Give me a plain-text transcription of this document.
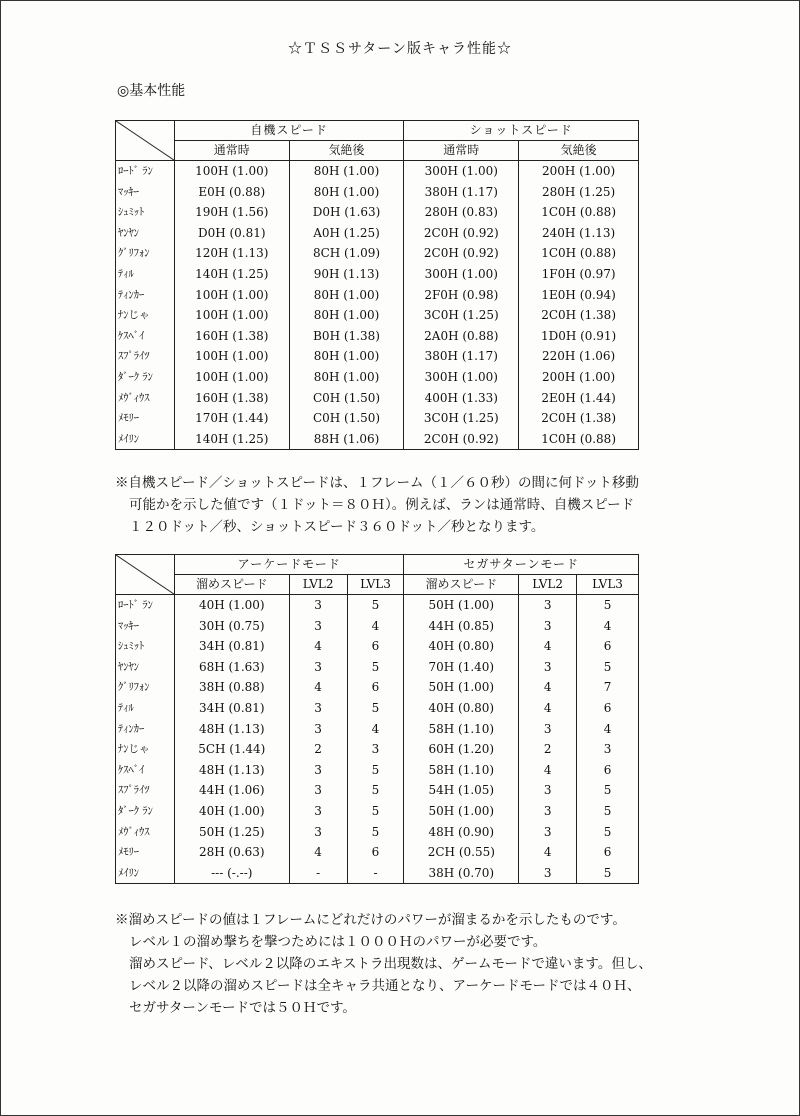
☆ＴＳＳサターン版キャラ性能☆
◎基本性能
	自機スピード		ショットスピード	
	通常時	気絶後	通常時	気絶後
ﾛｰﾄﾞ ﾗﾝ	100H (1.00)	80H (1.00)	300H (1.00)	200H (1.00)
ﾏｯｷｰ	E0H (0.88)	80H (1.00)	380H (1.17)	280H (1.25)
ｼｭﾐｯﾄ	190H (1.56)	D0H (1.63)	280H (0.83)	1C0H (0.88)
ﾔﾝﾔﾝ	D0H (0.81)	A0H (1.25)	2C0H (0.92)	240H (1.13)
ｸﾞﾘﾌｫﾝ	120H (1.13)	8CH (1.09)	2C0H (0.92)	1C0H (0.88)
ﾃｨﾙ	140H (1.25)	90H (1.13)	300H (1.00)	1F0H (0.97)
ﾃｨﾝｶｰ	100H (1.00)	80H (1.00)	2F0H (0.98)	1E0H (0.94)
ﾅﾝじゃ	100H (1.00)	80H (1.00)	3C0H (1.25)	2C0H (1.38)
ｹｽﾍﾞｲ	160H (1.38)	B0H (1.38)	2A0H (0.88)	1D0H (0.91)
ｽﾌﾟﾗｲﾂ	100H (1.00)	80H (1.00)	380H (1.17)	220H (1.06)
ﾀﾞｰｸ ﾗﾝ	100H (1.00)	80H (1.00)	300H (1.00)	200H (1.00)
ﾒｳﾞｨｳｽ	160H (1.38)	C0H (1.50)	400H (1.33)	2E0H (1.44)
ﾒﾓﾘｰ	170H (1.44)	C0H (1.50)	3C0H (1.25)	2C0H (1.38)
ﾒｲﾘﾝ	140H (1.25)	88H (1.06)	2C0H (0.92)	1C0H (0.88)
※自機スピード／ショットスピードは、１フレーム（１／６０秒）の間に何ドット移動
可能かを示した値です（１ドット＝８０Ｈ）。例えば、ランは通常時、自機スピード
１２０ドット／秒、ショットスピード３６０ドット／秒となります。
	アーケードモード			セガサターンモード		
	溜めスピード	LVL2	LVL3	溜めスピード	LVL2	LVL3
ﾛｰﾄﾞ ﾗﾝ	40H (1.00)	3	5	50H (1.00)	3	5
ﾏｯｷｰ	30H (0.75)	3	4	44H (0.85)	3	4
ｼｭﾐｯﾄ	34H (0.81)	4	6	40H (0.80)	4	6
ﾔﾝﾔﾝ	68H (1.63)	3	5	70H (1.40)	3	5
ｸﾞﾘﾌｫﾝ	38H (0.88)	4	6	50H (1.00)	4	7
ﾃｨﾙ	34H (0.81)	3	5	40H (0.80)	4	6
ﾃｨﾝｶｰ	48H (1.13)	3	4	58H (1.10)	3	4
ﾅﾝじゃ	5CH (1.44)	2	3	60H (1.20)	2	3
ｹｽﾍﾞｲ	48H (1.13)	3	5	58H (1.10)	4	6
ｽﾌﾟﾗｲﾂ	44H (1.06)	3	5	54H (1.05)	3	5
ﾀﾞｰｸ ﾗﾝ	40H (1.00)	3	5	50H (1.00)	3	5
ﾒｳﾞｨｳｽ	50H (1.25)	3	5	48H (0.90)	3	5
ﾒﾓﾘｰ	28H (0.63)	4	6	2CH (0.55)	4	6
ﾒｲﾘﾝ	--- (-.--)	-	-	38H (0.70)	3	5
※溜めスピードの値は１フレームにどれだけのパワーが溜まるかを示したものです。
レベル１の溜め撃ちを撃つためには１０００Ｈのパワーが必要です。
溜めスピード、レベル２以降のエキストラ出現数は、ゲームモードで違います。但し、
レベル２以降の溜めスピードは全キャラ共通となり、アーケードモードでは４０Ｈ、
セガサターンモードでは５０Ｈです。
